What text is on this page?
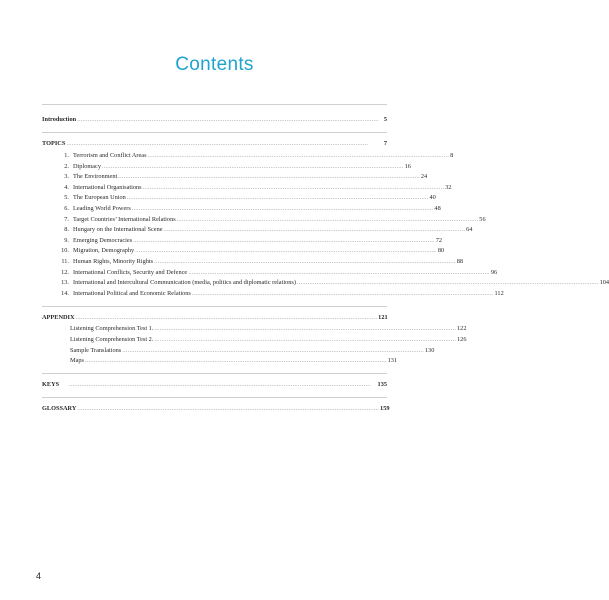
Contents
Introduction .......................................................................................................................................................................... 5
TOPICS ..........................................................................................................................................................................	7
1. Terrorism and Conflict Areas .......................................................................................................................................................................... 8
2. Diplomacy .......................................................................................................................................................................... 16
3. The Environment .......................................................................................................................................................................... 24
4. International Organisations .......................................................................................................................................................................... 32
5. The European Union .......................................................................................................................................................................... 40
6. Leading World Powers .......................................................................................................................................................................... 48
7. Target Countries’ International Relations .......................................................................................................................................................................... 56
8. Hungary on the International Scene .......................................................................................................................................................................... 64
9. Emerging Democracies .......................................................................................................................................................................... 72
10. Migration, Demography .......................................................................................................................................................................... 80
11. Human Rights, Minority Rights .......................................................................................................................................................................... 88
12. International Conflicts, Security and Defence .......................................................................................................................................................................... 96
13. International and Intercultural Communication (media, politics and diplomatic relations) .......................................................................................................................................................................... 104
14. International Political and Economic Relations .......................................................................................................................................................................... 112
APPENDIX .......................................................................................................................................................................... 121
Listening Comprehension Test 1. .......................................................................................................................................................................... 122
Listening Comprehension Test 2. .......................................................................................................................................................................... 126
Sample Translations .......................................................................................................................................................................... 130
Maps .......................................................................................................................................................................... 131
KEYS ..........................................................................................................................................................................	135
GLOSSARY .......................................................................................................................................................................... 159
4
